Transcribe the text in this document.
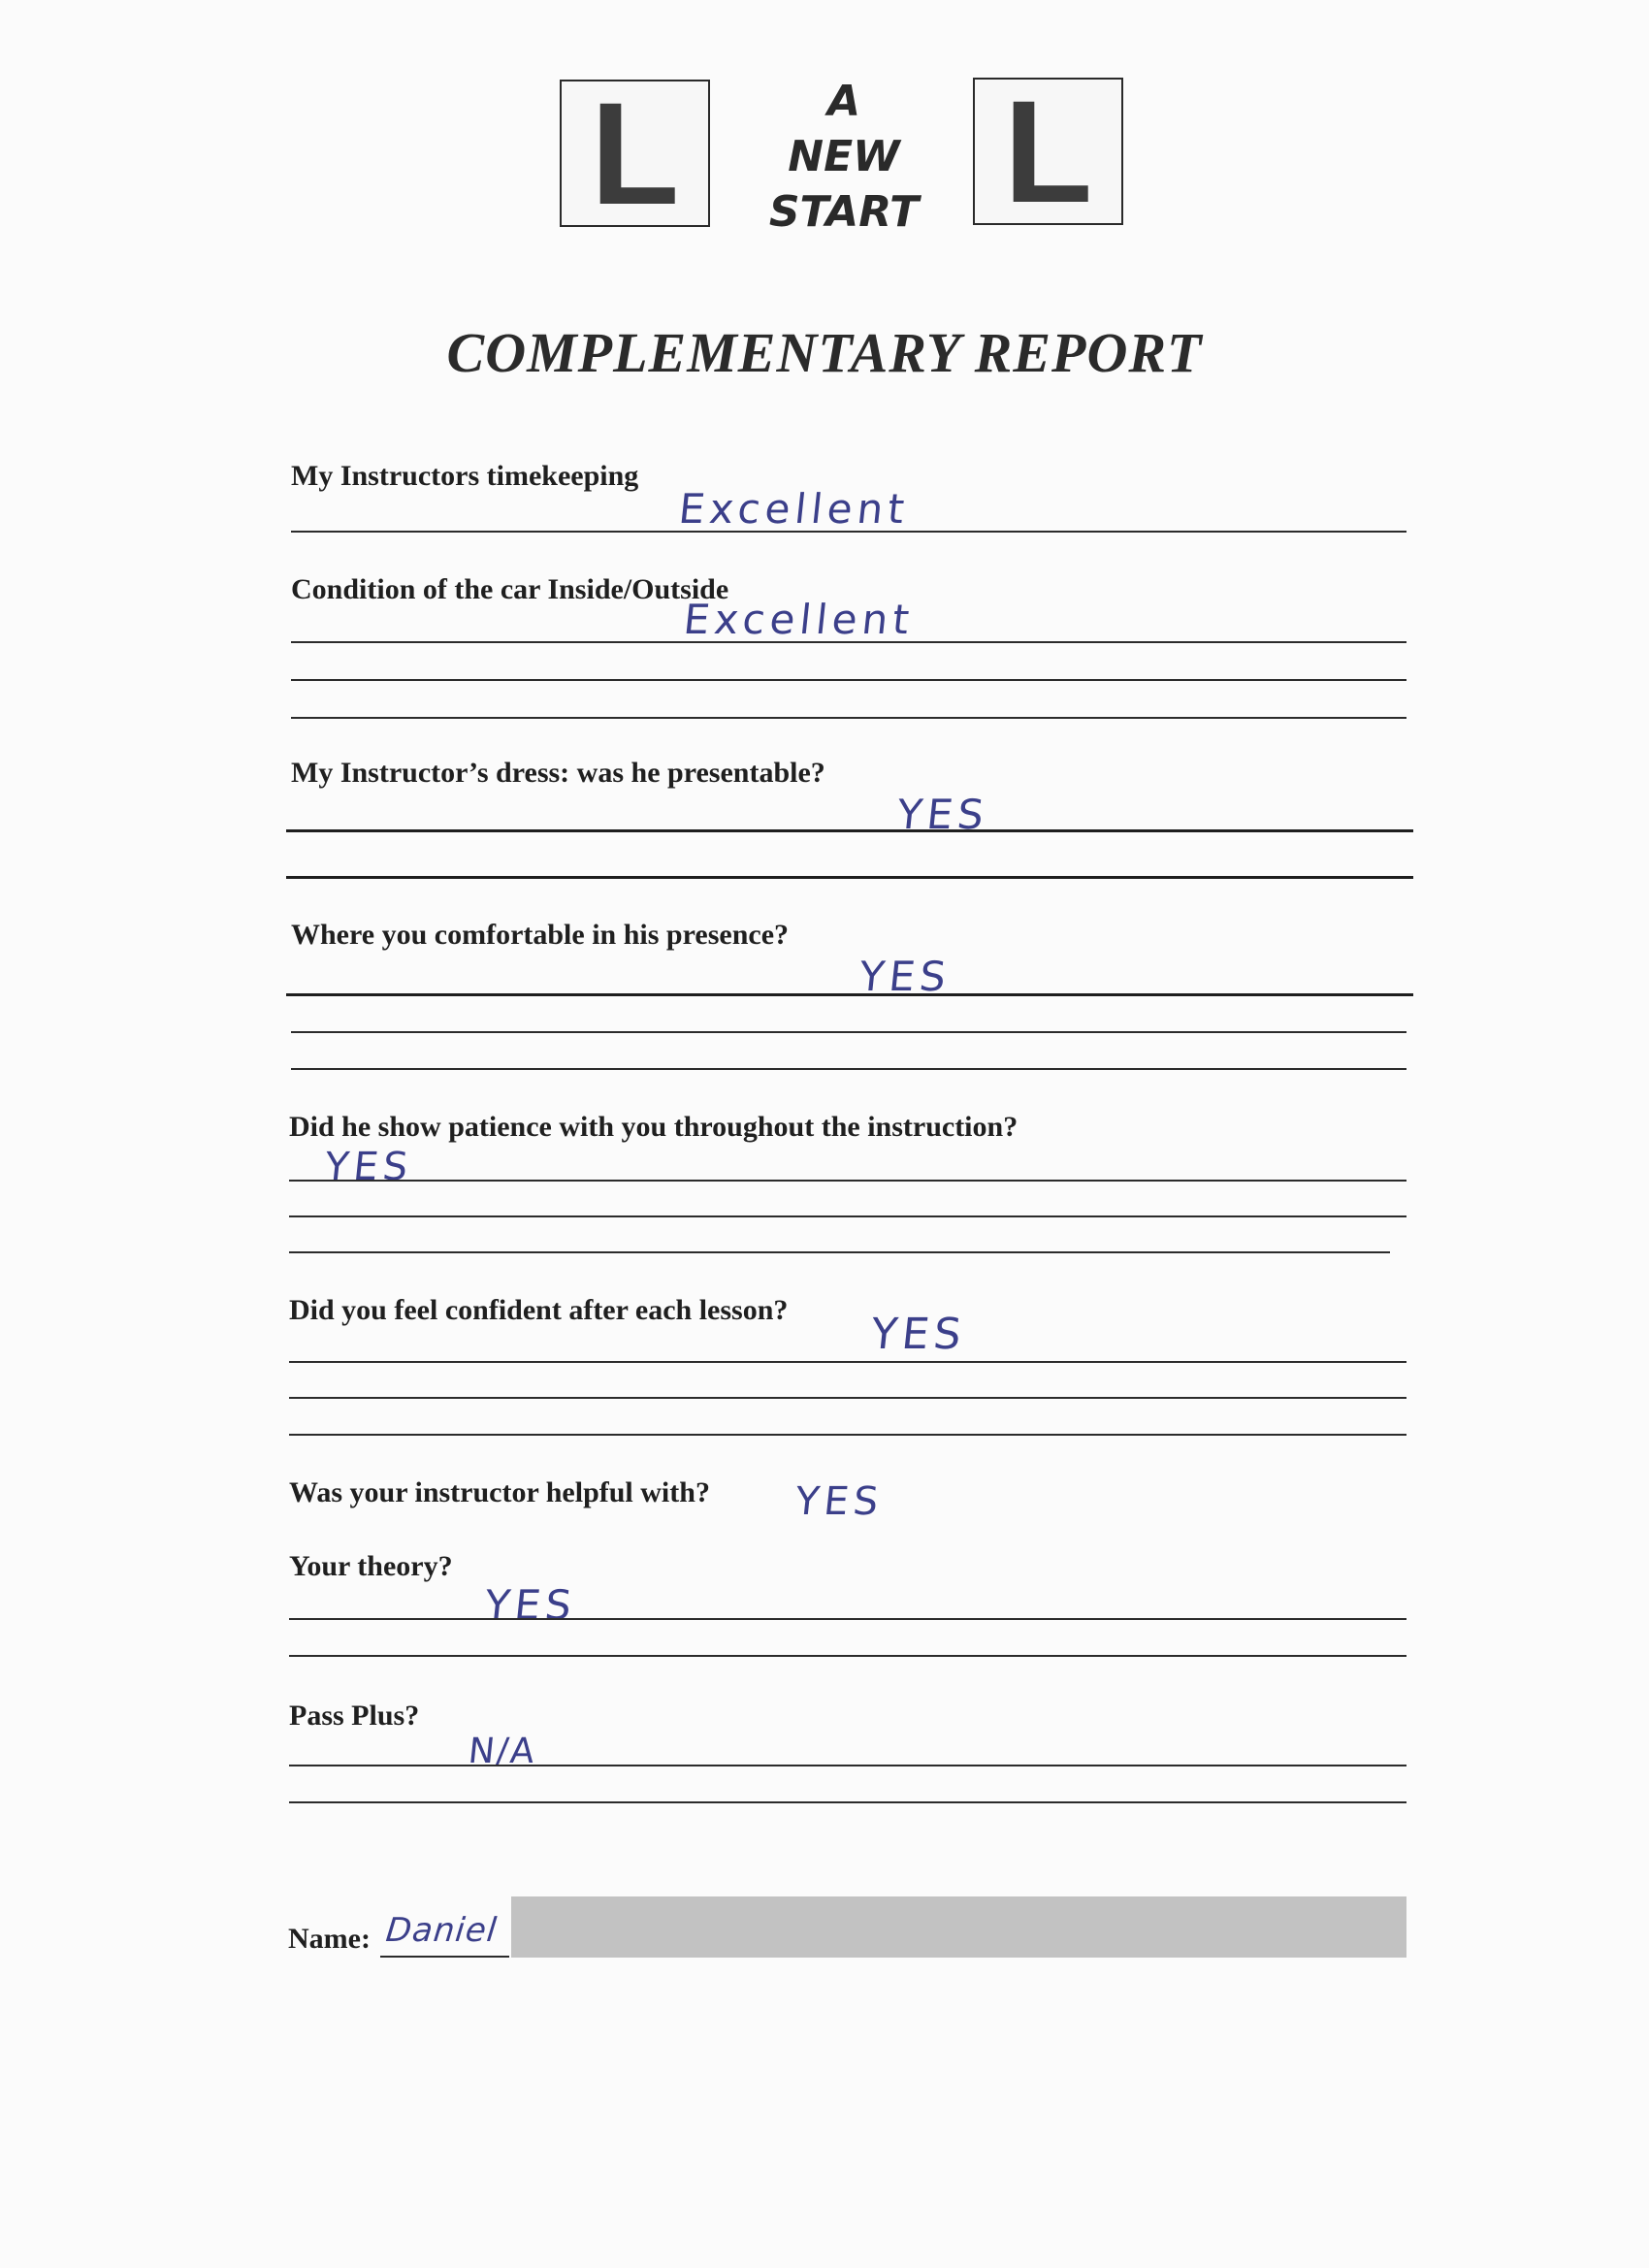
L	A
NEW
START L
COMPLEMENTARY REPORT
My Instructors timekeeping
Excellent
Condition of the car Inside/Outside
Excellent
My Instructor’s dress: was he presentable?
YES
Where you comfortable in his presence?
YES
Did he show patience with you throughout the instruction?
YES
Did you feel confident after each lesson? YES
Was your instructor helpful with? YES
Your theory?
YES
Pass Plus?
N/A
Name: Daniel
